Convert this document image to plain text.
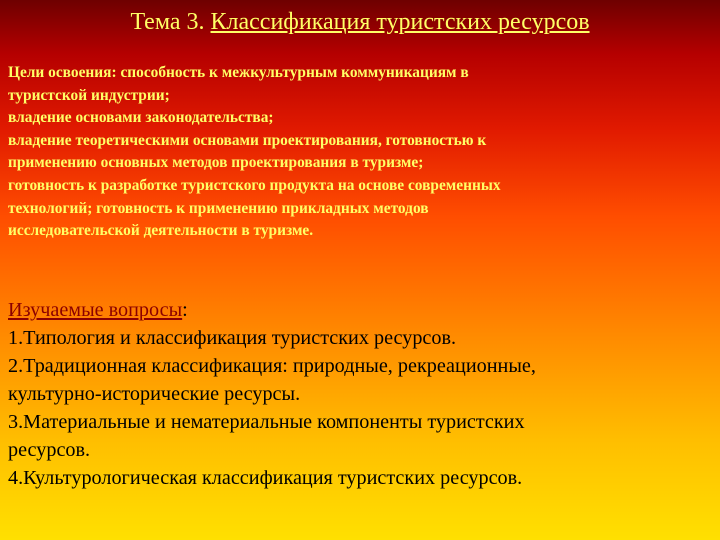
Тема 3. Классификация туристских ресурсов
Цели освоения: способность к межкультурным коммуникациям в
туристской индустрии;
владение основами законодательства;
владение теоретическими основами проектирования, готовностью к
применению основных методов проектирования в туризме;
готовность к разработке туристского продукта на основе современных
технологий; готовность к применению прикладных методов
исследовательской деятельности в туризме.
Изучаемые вопросы:
1.Типология и классификация туристских ресурсов.
2.Традиционная классификация: природные, рекреационные,
культурно-исторические ресурсы.
3.Материальные и нематериальные компоненты туристских
ресурсов.
4.Культурологическая классификация туристских ресурсов.
